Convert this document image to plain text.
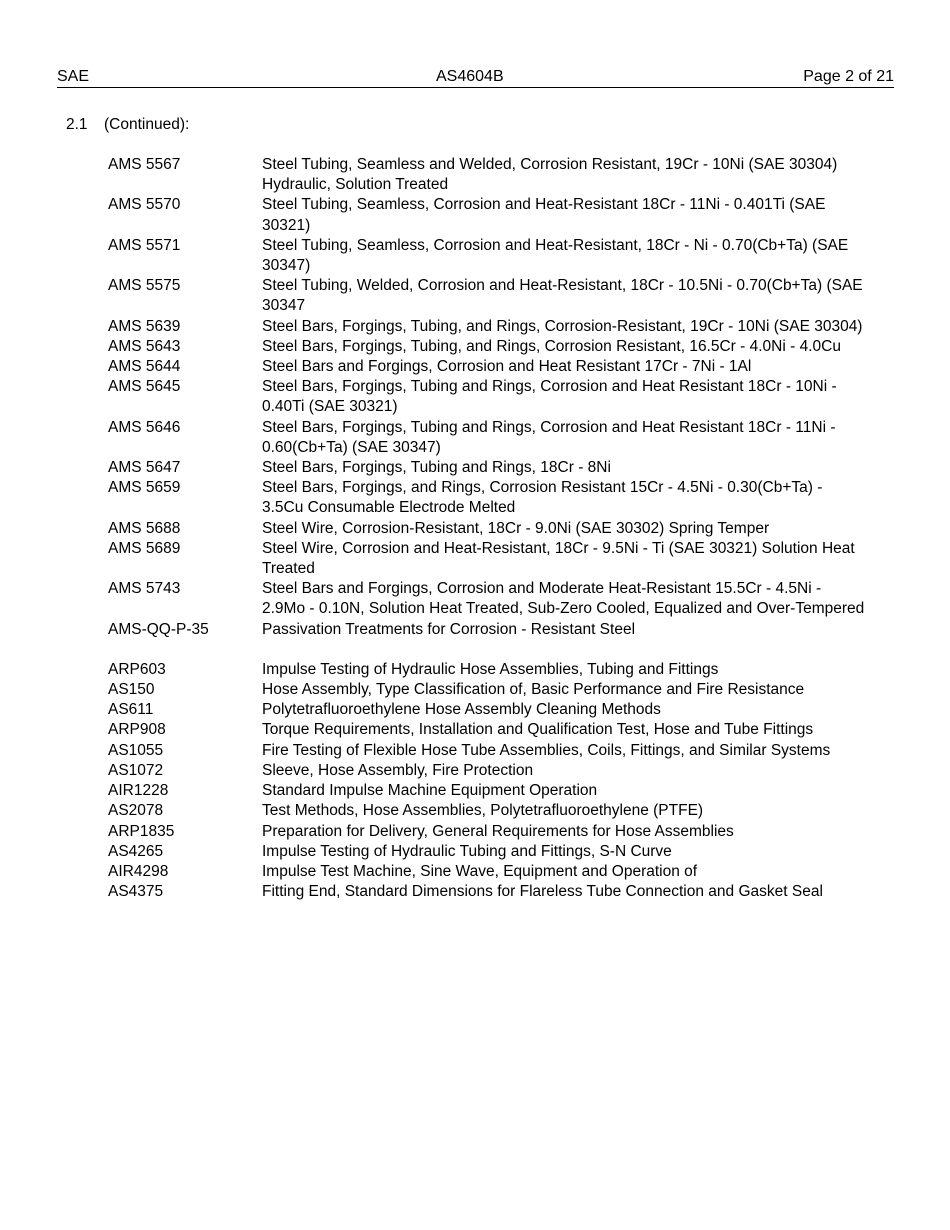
SAE	AS4604B	Page 2 of 21
2.1 (Continued):
AMS 5567	Steel Tubing, Seamless and Welded, Corrosion Resistant, 19Cr - 10Ni (SAE 30304) Hydraulic, Solution Treated
AMS 5570	Steel Tubing, Seamless, Corrosion and Heat-Resistant 18Cr - 11Ni - 0.401Ti (SAE 30321)
AMS 5571	Steel Tubing, Seamless, Corrosion and Heat-Resistant, 18Cr - Ni - 0.70(Cb+Ta) (SAE 30347)
AMS 5575	Steel Tubing, Welded, Corrosion and Heat-Resistant, 18Cr - 10.5Ni - 0.70(Cb+Ta) (SAE 30347
AMS 5639	Steel Bars, Forgings, Tubing, and Rings, Corrosion-Resistant, 19Cr - 10Ni (SAE 30304)
AMS 5643	Steel Bars, Forgings, Tubing, and Rings, Corrosion Resistant, 16.5Cr - 4.0Ni - 4.0Cu
AMS 5644	Steel Bars and Forgings, Corrosion and Heat Resistant 17Cr - 7Ni - 1Al
AMS 5645	Steel Bars, Forgings, Tubing and Rings, Corrosion and Heat Resistant 18Cr - 10Ni - 0.40Ti (SAE 30321)
AMS 5646	Steel Bars, Forgings, Tubing and Rings, Corrosion and Heat Resistant 18Cr - 11Ni - 0.60(Cb+Ta) (SAE 30347)
AMS 5647	Steel Bars, Forgings, Tubing and Rings, 18Cr - 8Ni
AMS 5659	Steel Bars, Forgings, and Rings, Corrosion Resistant 15Cr - 4.5Ni - 0.30(Cb+Ta) - 3.5Cu Consumable Electrode Melted
AMS 5688	Steel Wire, Corrosion-Resistant, 18Cr - 9.0Ni (SAE 30302) Spring Temper
AMS 5689	Steel Wire, Corrosion and Heat-Resistant, 18Cr - 9.5Ni - Ti (SAE 30321) Solution Heat Treated
AMS 5743	Steel Bars and Forgings, Corrosion and Moderate Heat-Resistant 15.5Cr - 4.5Ni - 2.9Mo - 0.10N, Solution Heat Treated, Sub-Zero Cooled, Equalized and Over-Tempered
AMS-QQ-P-35	Passivation Treatments for Corrosion - Resistant Steel
ARP603	Impulse Testing of Hydraulic Hose Assemblies, Tubing and Fittings
AS150	Hose Assembly, Type Classification of, Basic Performance and Fire Resistance
AS611	Polytetrafluoroethylene Hose Assembly Cleaning Methods
ARP908	Torque Requirements, Installation and Qualification Test, Hose and Tube Fittings
AS1055	Fire Testing of Flexible Hose Tube Assemblies, Coils, Fittings, and Similar Systems
AS1072	Sleeve, Hose Assembly, Fire Protection
AIR1228	Standard Impulse Machine Equipment Operation
AS2078	Test Methods, Hose Assemblies, Polytetrafluoroethylene (PTFE)
ARP1835	Preparation for Delivery, General Requirements for Hose Assemblies
AS4265	Impulse Testing of Hydraulic Tubing and Fittings, S-N Curve
AIR4298	Impulse Test Machine, Sine Wave, Equipment and Operation of
AS4375	Fitting End, Standard Dimensions for Flareless Tube Connection and Gasket Seal
